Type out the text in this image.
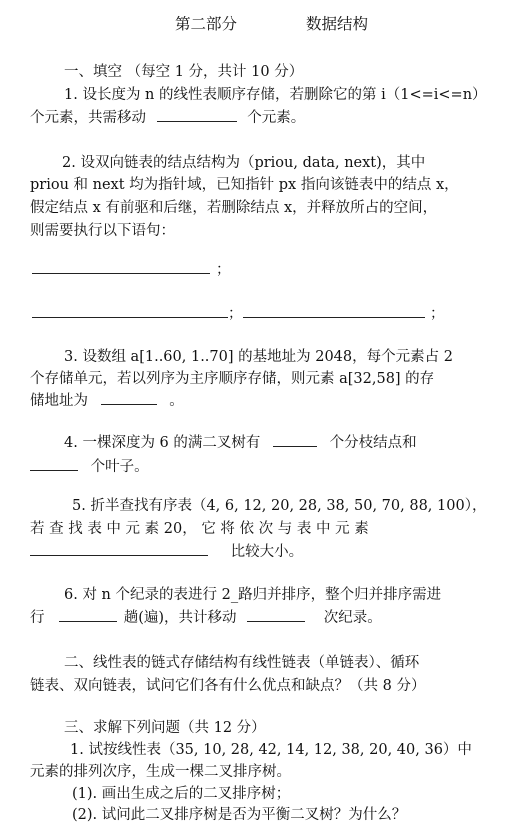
第二部分	数据结构
一、填空 （每空 1 分，共计 10 分）
1. 设长度为 n 的线性表顺序存储，若删除它的第 i（1<=i<=n）
个元素，共需移动	个元素。
2. 设双向链表的结点结构为（priou, data, next)，其中
priou 和 next 均为指针域，已知指针 px 指向该链表中的结点 x，
假定结点 x 有前驱和后继，若删除结点 x，并释放所占的空间，
则需要执行以下语句：
；
；	；
3. 设数组 a[1..60, 1..70] 的基地址为 2048，每个元素占 2
个存储单元，若以列序为主序顺序存储，则元素 a[32,58] 的存
储地址为	。
4. 一棵深度为 6 的满二叉树有	个分枝结点和
个叶子。
5. 折半查找有序表（4, 6, 12, 20, 28, 38, 50, 70, 88, 100），
若 查 找 表 中 元 素 20， 它 将 依 次 与 表 中 元 素
比较大小。
6. 对 n 个纪录的表进行 2_路归并排序，整个归并排序需进
行	趟(遍)，共计移动	次纪录。
二、线性表的链式存储结构有线性链表（单链表）、循环
链表、双向链表，试问它们各有什么优点和缺点？（共 8 分）
三、求解下列问题（共 12 分）
1. 试按线性表（35, 10, 28, 42, 14, 12, 38, 20, 40, 36）中
元素的排列次序，生成一棵二叉排序树。
(1). 画出生成之后的二叉排序树；
(2). 试问此二叉排序树是否为平衡二叉树？为什么？
